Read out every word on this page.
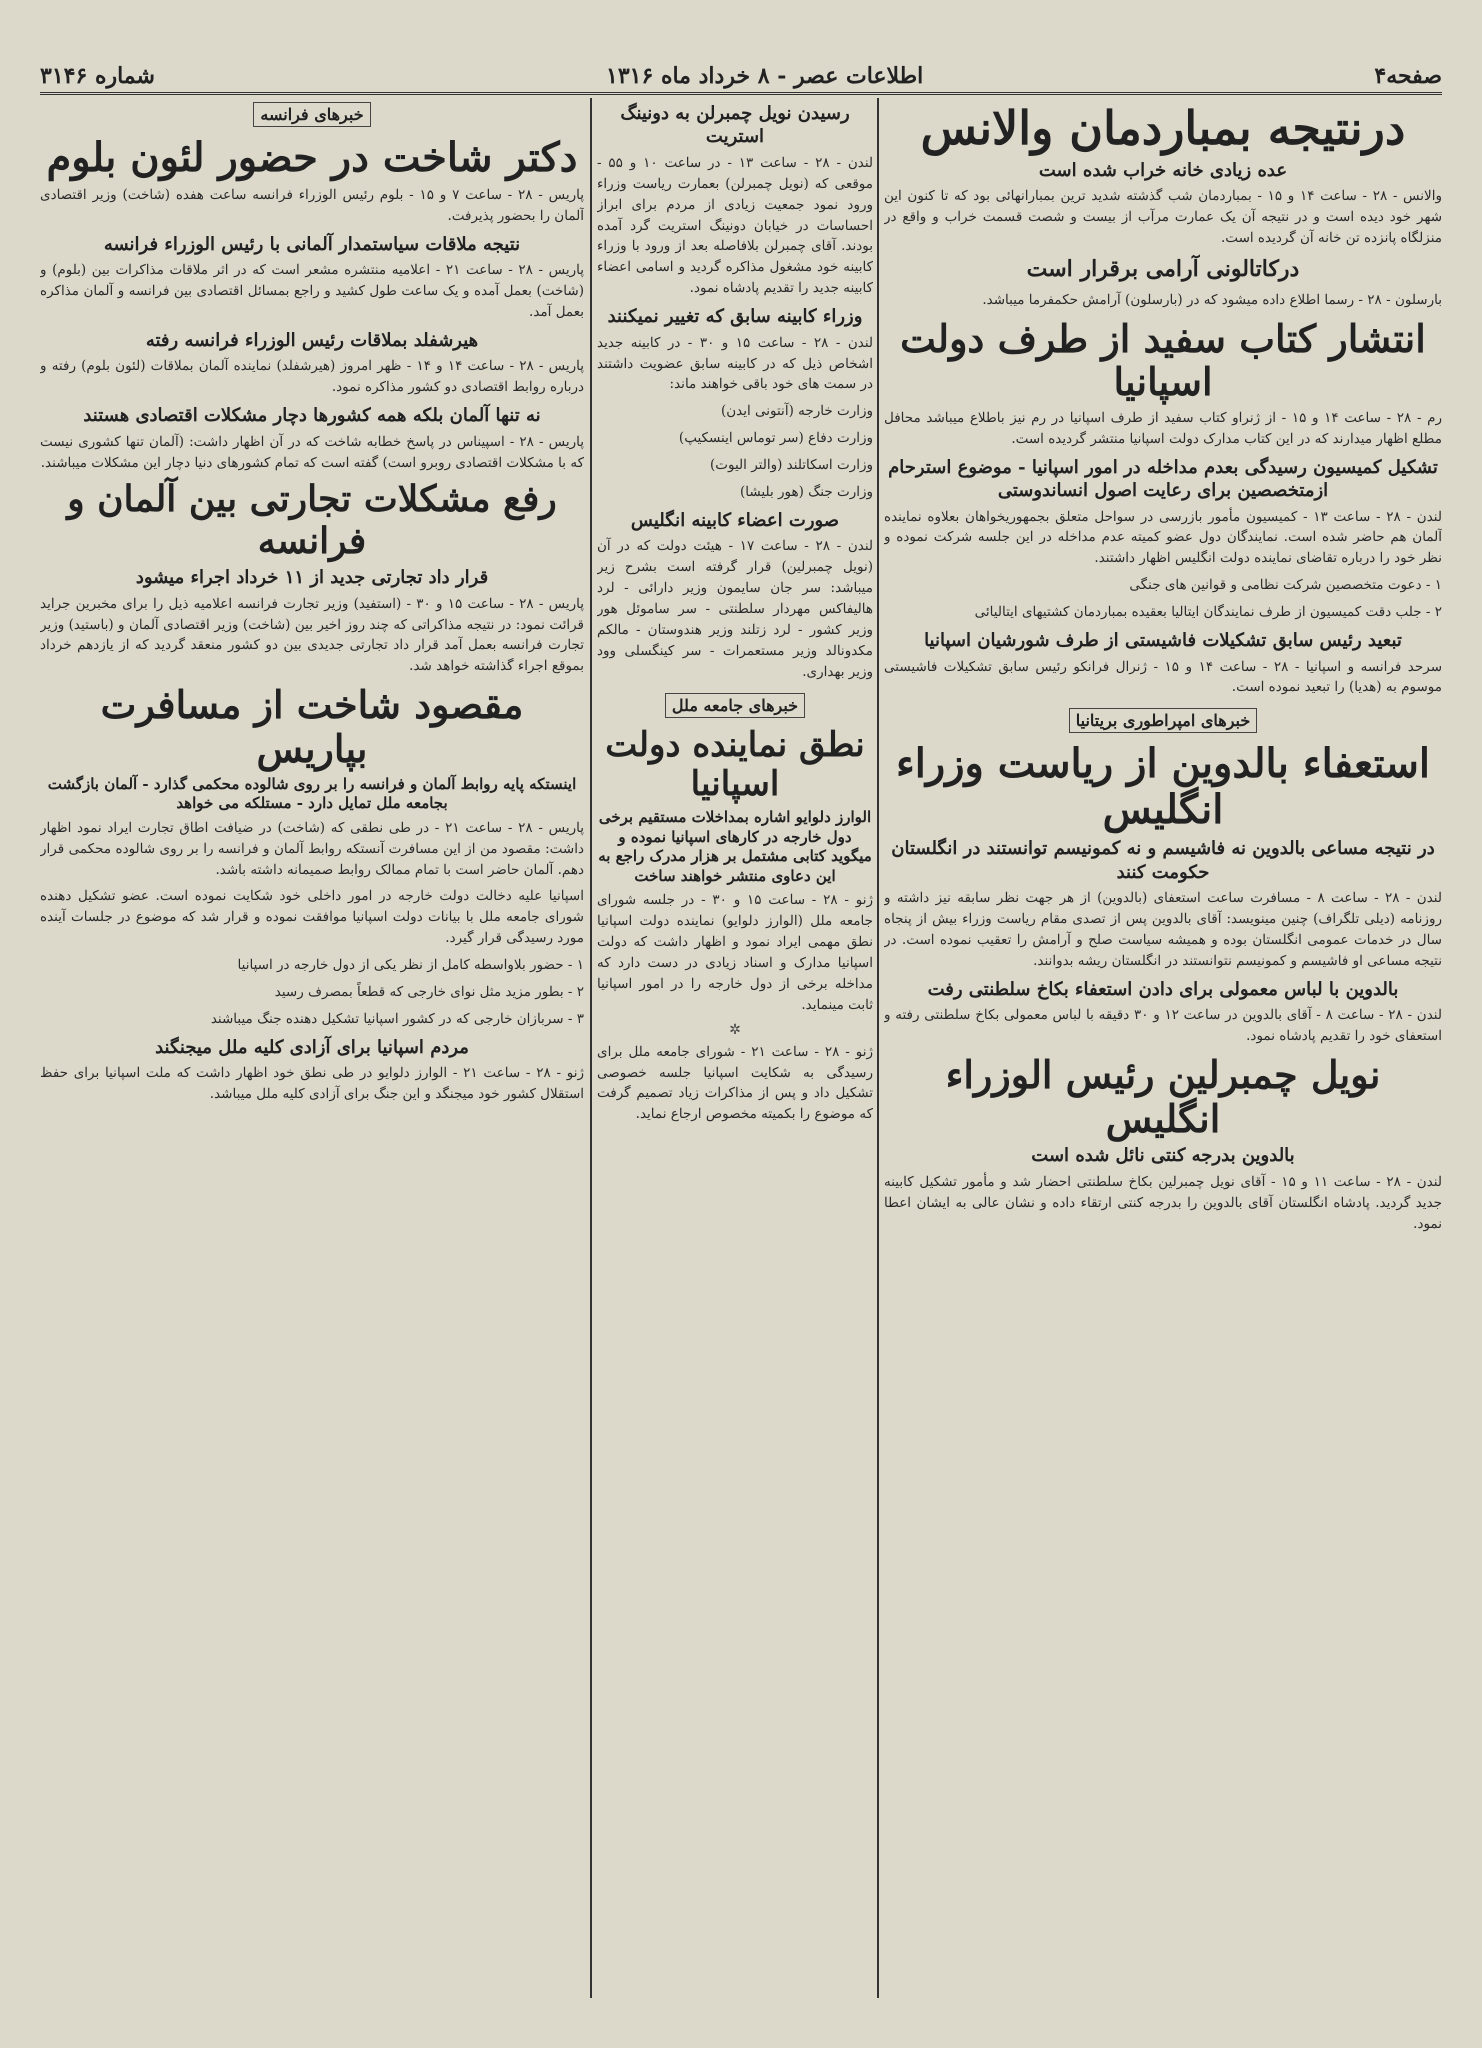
صفحه۴
اطلاعات عصر - ۸ خرداد ماه ۱۳۱۶
شماره ۳۱۴۶
درنتیجه بمباردمان والانس
عده زیادی خانه خراب شده است
والانس - ۲۸ - ساعت ۱۴ و ۱۵ - بمباردمان شب گذشته شدید ترین بمبارانهائی بود که تا کنون این شهر خود دیده است و در نتیجه آن یک عمارت مرآب از بیست و شصت قسمت خراب و واقع در منزلگاه پانزده تن خانه آن گردیده است.
درکاتالونی آرامی برقرار است
بارسلون - ۲۸ - رسما اطلاع داده میشود که در (بارسلون) آرامش حکمفرما میباشد.
انتشار کتاب سفید از طرف دولت اسپانیا
رم - ۲۸ - ساعت ۱۴ و ۱۵ - از ژنراو کتاب سفید از طرف اسپانیا در رم نیز باطلاع میباشد محافل مطلع اظهار میدارند که در این کتاب مدارک دولت اسپانیا منتشر گردیده است.
تشکیل کمیسیون رسیدگی بعدم مداخله در امور اسپانیا - موضوع استرحام ازمتخصصین برای رعایت اصول انساندوستی
لندن - ۲۸ - ساعت ۱۳ - کمیسیون مأمور بازرسی در سواحل متعلق بجمهوریخواهان بعلاوه نماینده آلمان هم حاضر شده است. نمایندگان دول عضو کمیته عدم مداخله در این جلسه شرکت نموده و نظر خود را درباره تقاضای نماینده دولت انگلیس اظهار داشتند.
۱ - دعوت متخصصین شرکت نظامی و قوانین های جنگی
۲ - جلب دقت کمیسیون از طرف نمایندگان ایتالیا بعقیده بمباردمان کشتیهای ایتالیائی
تبعید رئیس سابق تشکیلات فاشیستی از طرف شورشیان اسپانیا
سرحد فرانسه و اسپانیا - ۲۸ - ساعت ۱۴ و ۱۵ - ژنرال فرانکو رئیس سابق تشکیلات فاشیستی موسوم به (هدیا) را تبعید نموده است.
خبرهای امپراطوری بریتانیا
استعفاء بالدوین از ریاست وزراء انگلیس
در نتیجه مساعی بالدوین نه فاشیسم و نه کمونیسم توانستند در انگلستان حکومت کنند
لندن - ۲۸ - ساعت ۸ - مسافرت ساعت استعفای (بالدوین) از هر جهت نظر سابقه نیز داشته و روزنامه (دیلی تلگراف) چنین مینویسد: آقای بالدوین پس از تصدی مقام ریاست وزراء بیش از پنجاه سال در خدمات عمومی انگلستان بوده و همیشه سیاست صلح و آرامش را تعقیب نموده است. در نتیجه مساعی او فاشیسم و کمونیسم نتوانستند در انگلستان ریشه بدوانند.
بالدوین با لباس معمولی برای دادن استعفاء بکاخ سلطنتی رفت
لندن - ۲۸ - ساعت ۸ - آقای بالدوین در ساعت ۱۲ و ۳۰ دقیقه با لباس معمولی بکاخ سلطنتی رفته و استعفای خود را تقدیم پادشاه نمود.
نویل چمبرلین رئیس الوزراء انگلیس
بالدوین بدرجه کنتی نائل شده است
لندن - ۲۸ - ساعت ۱۱ و ۱۵ - آقای نویل چمبرلین بکاخ سلطنتی احضار شد و مأمور تشکیل کابینه جدید گردید. پادشاه انگلستان آقای بالدوین را بدرجه کنتی ارتقاء داده و نشان عالی به ایشان اعطا نمود.
رسیدن نویل چمبرلن به دونینگ استریت
لندن - ۲۸ - ساعت ۱۳ - در ساعت ۱۰ و ۵۵ - موقعی که (نویل چمبرلن) بعمارت ریاست وزراء ورود نمود جمعیت زیادی از مردم برای ابراز احساسات در خیابان دونینگ استریت گرد آمده بودند. آقای چمبرلن بلافاصله بعد از ورود با وزراء کابینه خود مشغول مذاکره گردید و اسامی اعضاء کابینه جدید را تقدیم پادشاه نمود.
وزراء کابینه سابق که تغییر نمیکنند
لندن - ۲۸ - ساعت ۱۵ و ۳۰ - در کابینه جدید اشخاص ذیل که در کابینه سابق عضویت داشتند در سمت های خود باقی خواهند ماند:
وزارت خارجه (آنتونی ایدن)
وزارت دفاع (سر توماس اینسکیپ)
وزارت اسکاتلند (والتر الیوت)
وزارت جنگ (هور بلیشا)
صورت اعضاء کابینه انگلیس
لندن - ۲۸ - ساعت ۱۷ - هیئت دولت که در آن (نویل چمبرلین) قرار گرفته است بشرح زیر میباشد: سر جان سایمون وزیر دارائی - لرد هالیفاکس مهردار سلطنتی - سر ساموئل هور وزیر کشور - لرد زتلند وزیر هندوستان - مالکم مکدونالد وزیر مستعمرات - سر کینگسلی وود وزیر بهداری.
خبرهای جامعه ملل
نطق نماینده دولت اسپانیا
الوارز دلوایو اشاره بمداخلات مستقیم برخی دول خارجه در کارهای اسپانیا نموده و میگوید کتابی مشتمل بر هزار مدرک راجع به این دعاوی منتشر خواهند ساخت
ژنو - ۲۸ - ساعت ۱۵ و ۳۰ - در جلسه شورای جامعه ملل (الوارز دلوایو) نماینده دولت اسپانیا نطق مهمی ایراد نمود و اظهار داشت که دولت اسپانیا مدارک و اسناد زیادی در دست دارد که مداخله برخی از دول خارجه را در امور اسپانیا ثابت مینماید.
✲
ژنو - ۲۸ - ساعت ۲۱ - شورای جامعه ملل برای رسیدگی به شکایت اسپانیا جلسه خصوصی تشکیل داد و پس از مذاکرات زیاد تصمیم گرفت که موضوع را بکمیته مخصوص ارجاع نماید.
خبرهای فرانسه
دکتر شاخت در حضور لئون بلوم
پاریس - ۲۸ - ساعت ۷ و ۱۵ - بلوم رئیس الوزراء فرانسه ساعت هفده (شاخت) وزیر اقتصادی آلمان را بحضور پذیرفت.
نتیجه ملاقات سیاستمدار آلمانی با رئیس الوزراء فرانسه
پاریس - ۲۸ - ساعت ۲۱ - اعلامیه منتشره مشعر است که در اثر ملاقات مذاکرات بین (بلوم) و (شاخت) بعمل آمده و یک ساعت طول کشید و راجع بمسائل اقتصادی بین فرانسه و آلمان مذاکره بعمل آمد.
هیرشفلد بملاقات رئیس الوزراء فرانسه رفته
پاریس - ۲۸ - ساعت ۱۴ و ۱۴ - ظهر امروز (هیرشفلد) نماینده آلمان بملاقات (لئون بلوم) رفته و درباره روابط اقتصادی دو کشور مذاکره نمود.
نه تنها آلمان بلکه همه کشورها دچار مشکلات اقتصادی هستند
پاریس - ۲۸ - اسپیناس در پاسخ خطابه شاخت که در آن اظهار داشت: (آلمان تنها کشوری نیست که با مشکلات اقتصادی روبرو است) گفته است که تمام کشورهای دنیا دچار این مشکلات میباشند.
رفع مشکلات تجارتی بین آلمان و فرانسه
قرار داد تجارتی جدید از ۱۱ خرداد اجراء میشود
پاریس - ۲۸ - ساعت ۱۵ و ۳۰ - (استفید) وزیر تجارت فرانسه اعلامیه ذیل را برای مخبرین جراید قرائت نمود: در نتیجه مذاکراتی که چند روز اخیر بین (شاخت) وزیر اقتصادی آلمان و (باستید) وزیر تجارت فرانسه بعمل آمد قرار داد تجارتی جدیدی بین دو کشور منعقد گردید که از یازدهم خرداد بموقع اجراء گذاشته خواهد شد.
مقصود شاخت از مسافرت بپاریس
اینستکه پایه روابط آلمان و فرانسه را بر روی شالوده محکمی گذارد - آلمان بازگشت بجامعه ملل تمایل دارد - مستلکه می خواهد
پاریس - ۲۸ - ساعت ۲۱ - در طی نطقی که (شاخت) در ضیافت اطاق تجارت ایراد نمود اظهار داشت: مقصود من از این مسافرت آنستکه روابط آلمان و فرانسه را بر روی شالوده محکمی قرار دهم. آلمان حاضر است با تمام ممالک روابط صمیمانه داشته باشد.
اسپانیا علیه دخالت دولت خارجه در امور داخلی خود شکایت نموده است. عضو تشکیل دهنده شورای جامعه ملل با بیانات دولت اسپانیا موافقت نموده و قرار شد که موضوع در جلسات آینده مورد رسیدگی قرار گیرد.
۱ - حضور بلاواسطه کامل از نظر یکی از دول خارجه در اسپانیا
۲ - بطور مزید مثل نوای خارجی که قطعاً بمصرف رسید
۳ - سربازان خارجی که در کشور اسپانیا تشکیل دهنده جنگ میباشند
مردم اسپانیا برای آزادی کلیه ملل میجنگند
ژنو - ۲۸ - ساعت ۲۱ - الوارز دلوایو در طی نطق خود اظهار داشت که ملت اسپانیا برای حفظ استقلال کشور خود میجنگد و این جنگ برای آزادی کلیه ملل میباشد.
